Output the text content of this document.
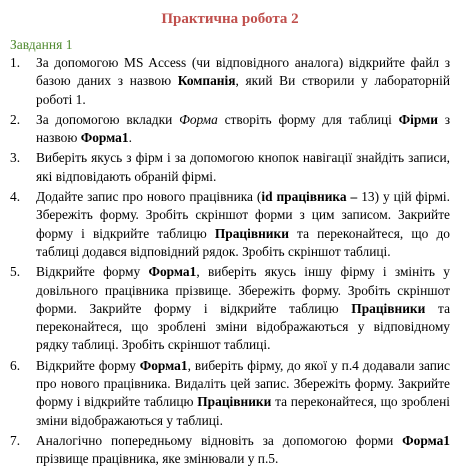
Практична робота 2
Завдання 1
1.	За допомогою MS Access (чи відповідного аналога) відкрийте файл з базою даних з назвою Компанія, який Ви створили у лабораторній роботі 1.
2.	За допомогою вкладки Форма створіть форму для таблиці Фірми з назвою Форма1.
3.	Виберіть якусь з фірм і за допомогою кнопок навігації знайдіть записи, які відповідають обраній фірмі.
4.	Додайте запис про нового працівника (id працівника – 13) у цій фірмі. Збережіть форму. Зробіть скріншот форми з цим записом. Закрийте форму і відкрийте таблицю Працівники та переконайтеся, що до таблиці додався відповідний рядок. Зробіть скріншот таблиці.
5.	Відкрийте форму Форма1, виберіть якусь іншу фірму і змініть у довільного працівника прізвище. Збережіть форму. Зробіть скріншот форми. Закрийте форму і відкрийте таблицю Працівники та переконайтеся, що зроблені зміни відображаються у відповідному рядку таблиці. Зробіть скріншот таблиці.
6.	Відкрийте форму Форма1, виберіть фірму, до якої у п.4 додавали запис про нового працівника. Видаліть цей запис. Збережіть форму. Закрийте форму і відкрийте таблицю Працівники та переконайтеся, що зроблені зміни відображаються у таблиці.
7.	Аналогічно попередньому відновіть за допомогою форми Форма1 прізвище працівника, яке змінювали у п.5.
